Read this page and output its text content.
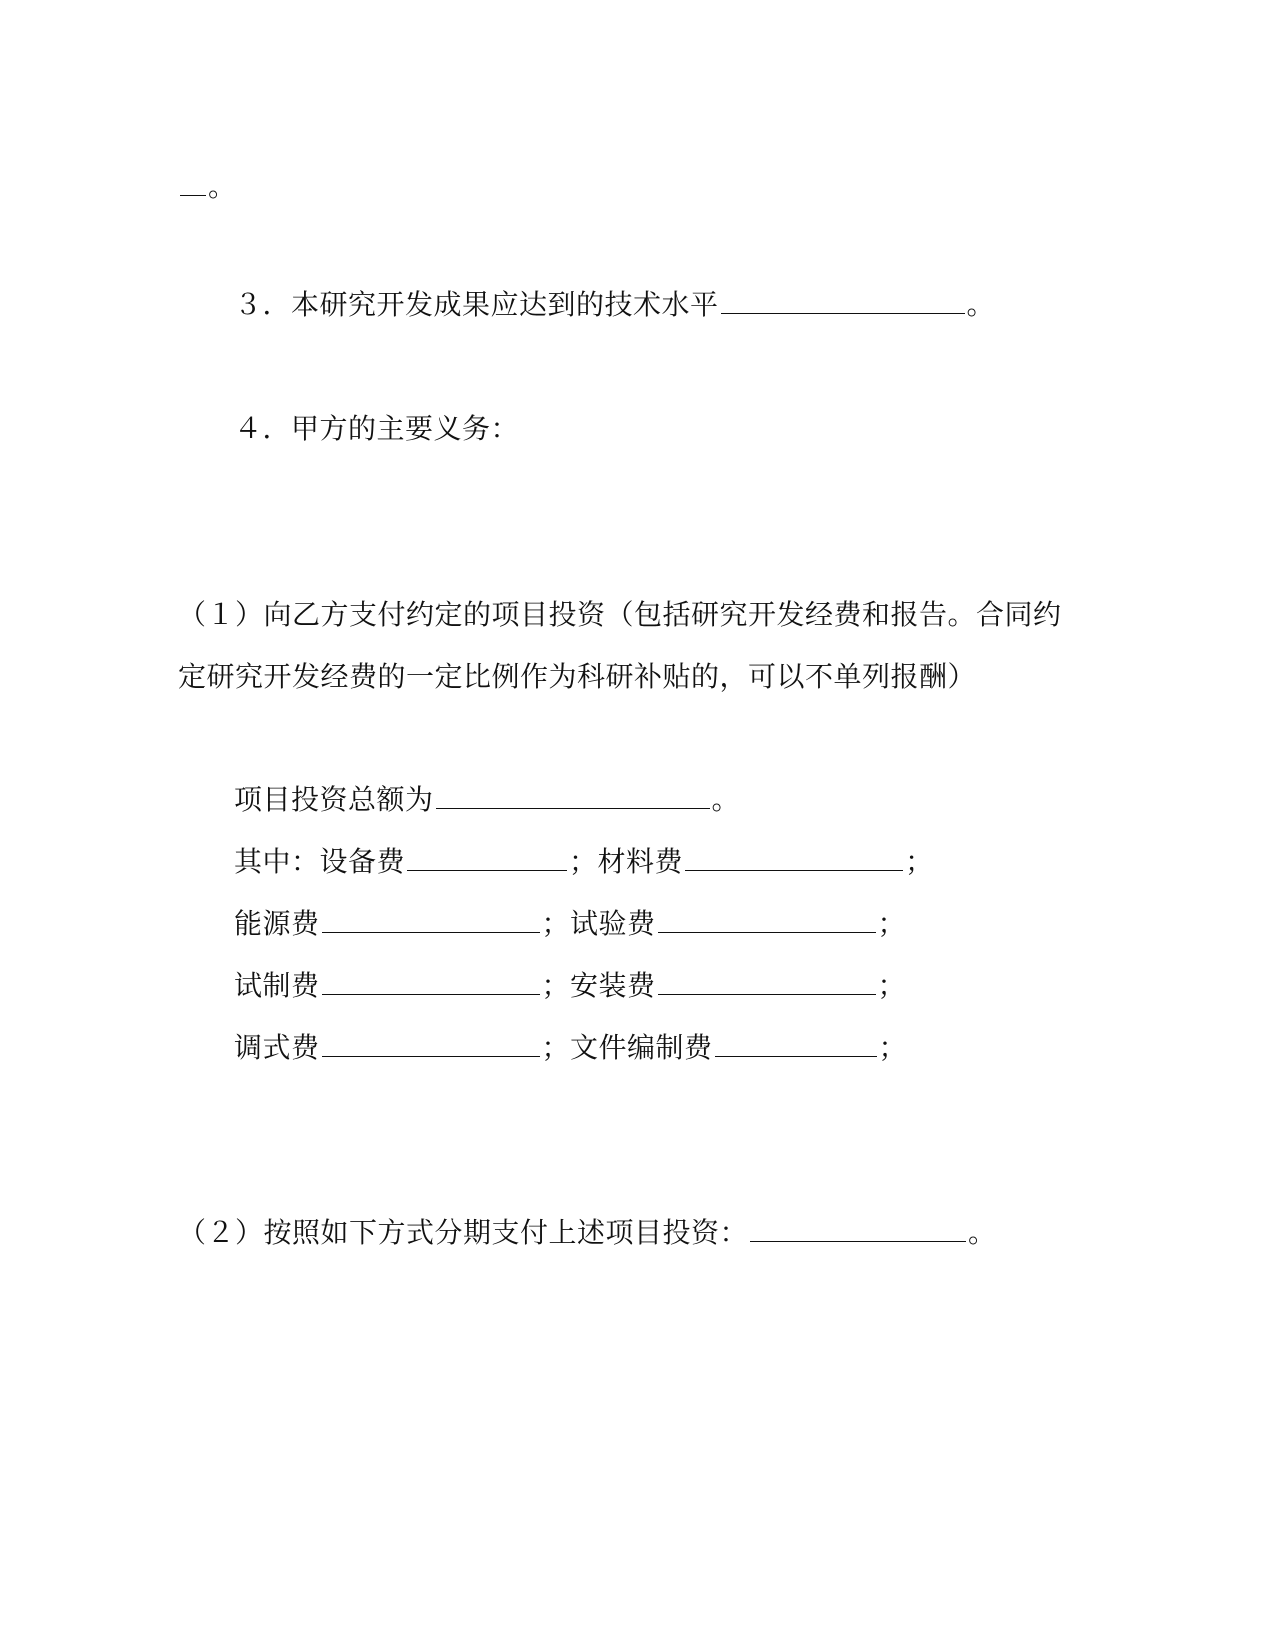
。
３．本研究开发成果应达到的技术水平	。
４．甲方的主要义务：
（１）向乙方支付约定的项目投资（包括研究开发经费和报告。合同约
定研究开发经费的一定比例作为科研补贴的，可以不单列报酬）
项目投资总额为	。
其中：设备费	；材料费	；
能源费	；试验费	；
试制费	；安装费	；
调式费	；文件编制费	；
（２）按照如下方式分期支付上述项目投资：	。
